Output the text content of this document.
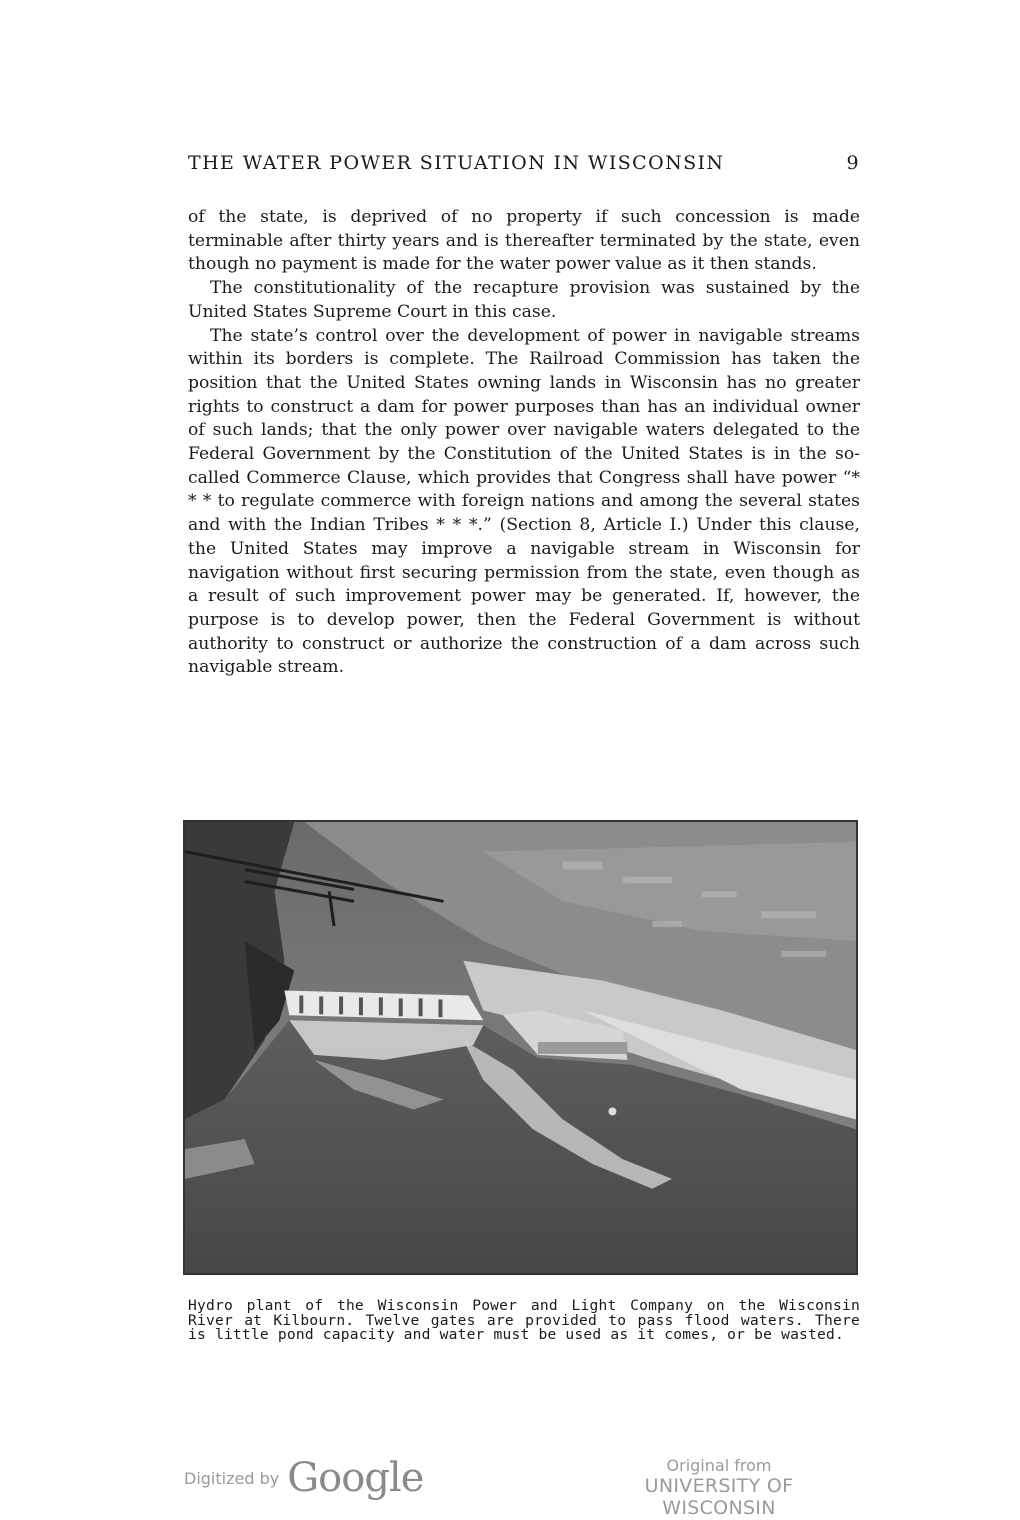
THE WATER POWER SITUATION IN WISCONSIN	9

of the state, is deprived of no property if such concession is made terminable after thirty years and is thereafter terminated by the state, even though no payment is made for the water power value as it then stands.

The constitutionality of the recapture provision was sustained by the United States Supreme Court in this case.

The state’s control over the development of power in navigable streams within its borders is complete. The Railroad Commission has taken the position that the United States owning lands in Wisconsin has no greater rights to construct a dam for power purposes than has an individual owner of such lands; that the only power over navigable waters delegated to the Federal Government by the Constitution of the United States is in the so-called Commerce Clause, which provides that Congress shall have power “* * * to regulate commerce with foreign nations and among the several states and with the Indian Tribes * * *.” (Section 8, Article I.) Under this clause, the United States may improve a navigable stream in Wisconsin for navigation without first securing permission from the state, even though as a result of such improvement power may be generated. If, however, the purpose is to develop power, then the Federal Government is without authority to construct or authorize the construction of a dam across such navigable stream.

Hydro plant of the Wisconsin Power and Light Company on the Wisconsin River at Kilbourn. Twelve gates are provided to pass flood waters. There is little pond capacity and water must be used as it comes, or be wasted.
Digitized by Google	Original from
UNIVERSITY OF WISCONSIN
